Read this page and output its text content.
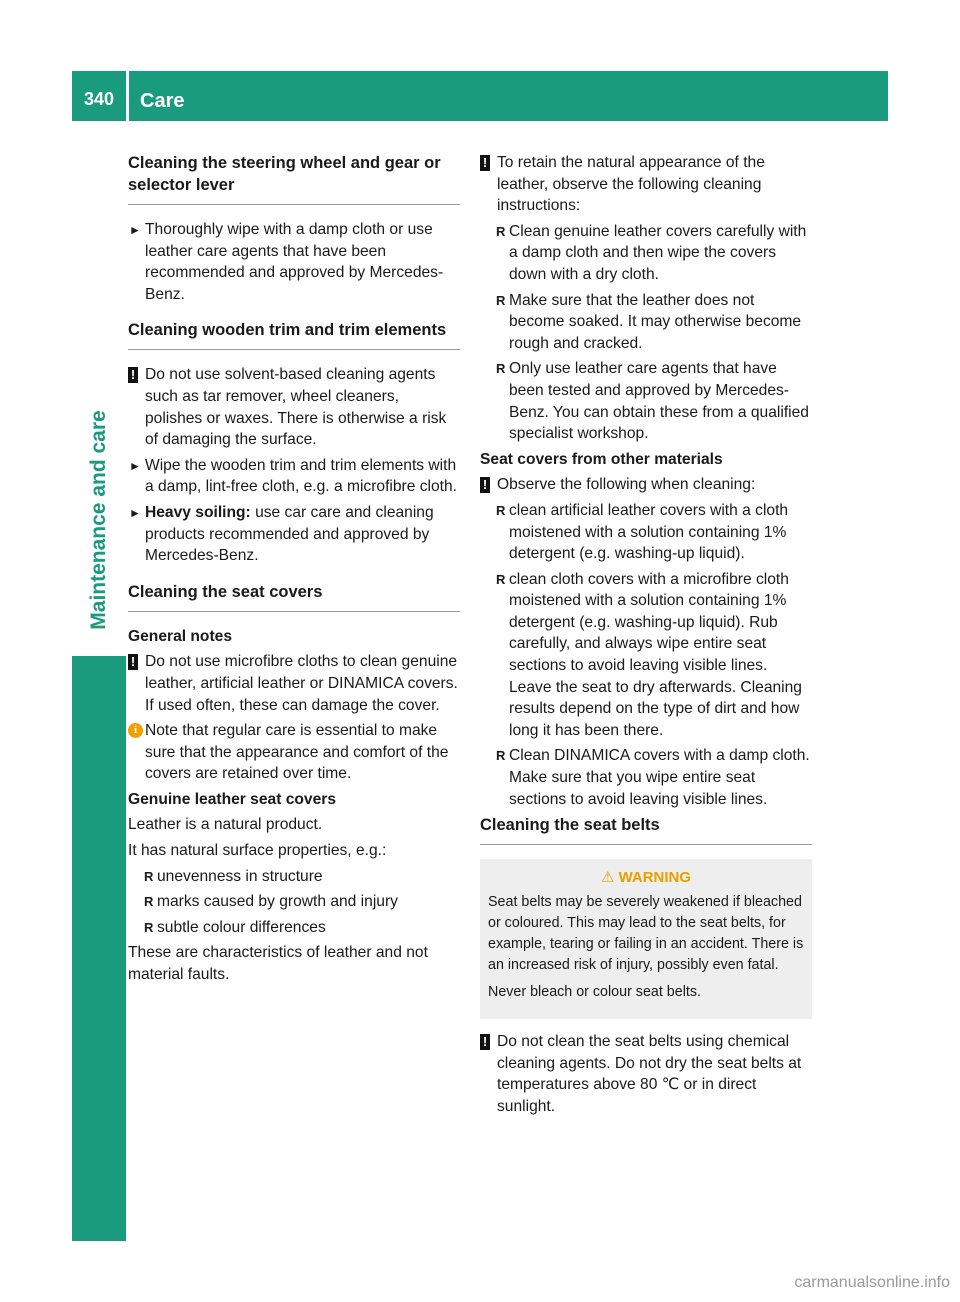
340	Care
Maintenance and care
Cleaning the steering wheel and gear or selector lever
► Thoroughly wipe with a damp cloth or use leather care agents that have been recommended and approved by Mercedes-Benz.
Cleaning wooden trim and trim elements
! Do not use solvent-based cleaning agents such as tar remover, wheel cleaners, polishes or waxes. There is otherwise a risk of damaging the surface.
► Wipe the wooden trim and trim elements with a damp, lint-free cloth, e.g. a microfibre cloth.
► Heavy soiling: use car care and cleaning products recommended and approved by Mercedes-Benz.
Cleaning the seat covers
General notes
! Do not use microfibre cloths to clean genuine leather, artificial leather or DINAMICA covers. If used often, these can damage the cover.
i Note that regular care is essential to make sure that the appearance and comfort of the covers are retained over time.
Genuine leather seat covers

Leather is a natural product.

It has natural surface properties, e.g.:

R unevenness in structure
R marks caused by growth and injury
R subtle colour differences

These are characteristics of leather and not material faults.

! To retain the natural appearance of the leather, observe the following cleaning instructions:
R Clean genuine leather covers carefully with a damp cloth and then wipe the covers down with a dry cloth.
R Make sure that the leather does not become soaked. It may otherwise become rough and cracked.
R Only use leather care agents that have been tested and approved by Mercedes-Benz. You can obtain these from a qualified specialist workshop.
Seat covers from other materials
! Observe the following when cleaning:
R clean artificial leather covers with a cloth moistened with a solution containing 1% detergent (e.g. washing-up liquid).
R clean cloth covers with a microfibre cloth moistened with a solution containing 1% detergent (e.g. washing-up liquid). Rub carefully, and always wipe entire seat sections to avoid leaving visible lines. Leave the seat to dry afterwards. Cleaning results depend on the type of dirt and how long it has been there.
R Clean DINAMICA covers with a damp cloth. Make sure that you wipe entire seat sections to avoid leaving visible lines.
Cleaning the seat belts
⚠ WARNING

Seat belts may be severely weakened if bleached or coloured. This may lead to the seat belts, for example, tearing or failing in an accident. There is an increased risk of injury, possibly even fatal.

Never bleach or colour seat belts.

! Do not clean the seat belts using chemical cleaning agents. Do not dry the seat belts at temperatures above 80 ℃ or in direct sunlight.
carmanualsonline.info
